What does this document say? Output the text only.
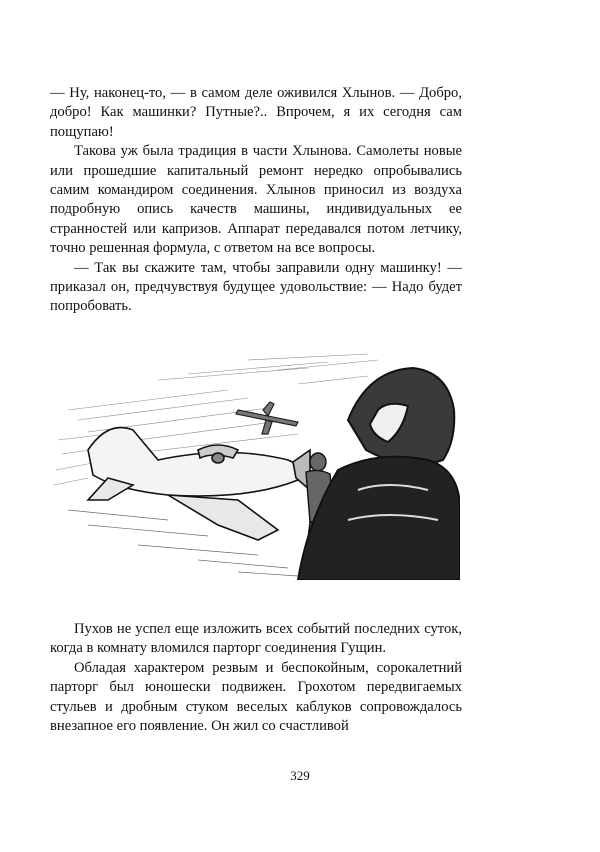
— Ну, наконец-то, — в самом деле оживился Хлынов. — Добро, добро! Как машинки? Путные?.. Впрочем, я их сегодня сам пощупаю!

Такова уж была традиция в части Хлынова. Самолеты новые или прошедшие капитальный ремонт нередко опробывались самим командиром соединения. Хлынов приносил из воздуха подробную опись качеств машины, индивидуальных ее странностей или капризов. Аппарат передавался потом летчику, точно решенная формула, с ответом на все вопросы.

— Так вы скажите там, чтобы заправили одну машинку! — приказал он, предчувствуя будущее удовольствие: — Надо будет попробовать.

Пухов не успел еще изложить всех событий последних суток, когда в комнату вломился парторг соединения Гущин.

Обладая характером резвым и беспокойным, сорокалетний парторг был юношески подвижен. Грохотом передвигаемых стульев и дробным стуком веселых каблуков сопровождалось внезапное его появление. Он жил со счастливой

329
